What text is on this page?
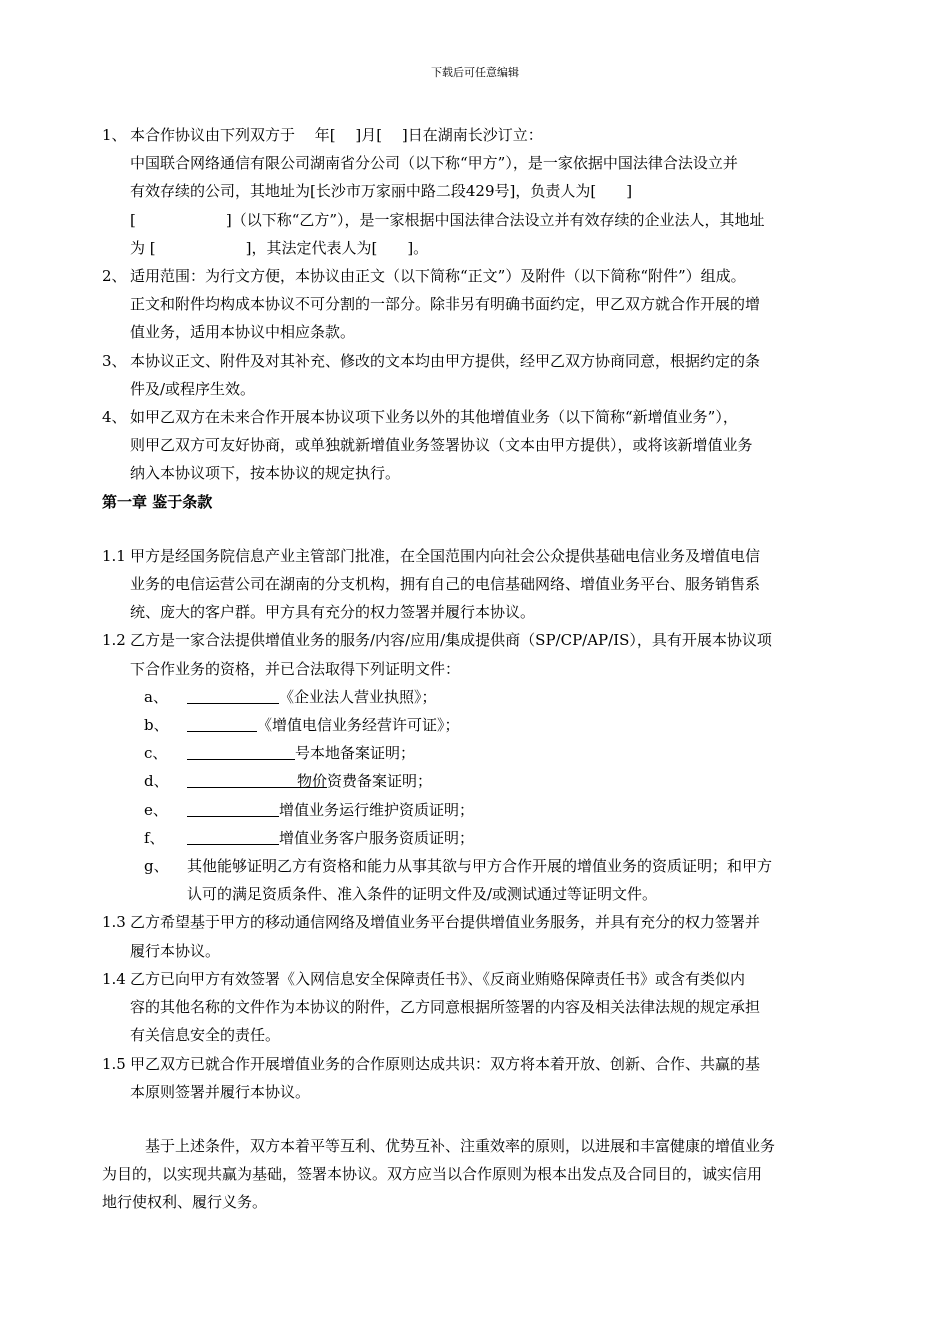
下载后可任意编辑
1、 本合作协议由下列双方于　 年[　 ]月[　 ]日在湖南长沙订立：
中国联合网络通信有限公司湖南省分公司（以下称“甲方”），是一家依据中国法律合法设立并
有效存续的公司，其地址为[长沙市万家丽中路二段429号]，负责人为[　　]
[　　　　　　]（以下称“乙方”），是一家根据中国法律合法设立并有效存续的企业法人，其地址
为 [　　　　　　]，其法定代表人为[　　]。
2、 适用范围：为行文方便，本协议由正文（以下简称“正文”）及附件（以下简称“附件”）组成。
正文和附件均构成本协议不可分割的一部分。除非另有明确书面约定，甲乙双方就合作开展的增
值业务，适用本协议中相应条款。
3、 本协议正文、附件及对其补充、修改的文本均由甲方提供，经甲乙双方协商同意，根据约定的条
件及/或程序生效。
4、 如甲乙双方在未来合作开展本协议项下业务以外的其他增值业务（以下简称“新增值业务”），
则甲乙双方可友好协商，或单独就新增值业务签署协议（文本由甲方提供），或将该新增值业务
纳入本协议项下，按本协议的规定执行。
第一章 鉴于条款
1.1 甲方是经国务院信息产业主管部门批准，在全国范围内向社会公众提供基础电信业务及增值电信
业务的电信运营公司在湖南的分支机构，拥有自己的电信基础网络、增值业务平台、服务销售系
统、庞大的客户群。甲方具有充分的权力签署并履行本协议。
1.2 乙方是一家合法提供增值业务的服务/内容/应用/集成提供商（SP/CP/AP/IS），具有开展本协议项
下合作业务的资格，并已合法取得下列证明文件：
a、	《企业法人营业执照》；
b、	《增值电信业务经营许可证》；
c、	号本地备案证明；
d、	物价资费备案证明；
e、	增值业务运行维护资质证明；
f、	增值业务客户服务资质证明；
g、 其他能够证明乙方有资格和能力从事其欲与甲方合作开展的增值业务的资质证明；和甲方
认可的满足资质条件、准入条件的证明文件及/或测试通过等证明文件。
1.3 乙方希望基于甲方的移动通信网络及增值业务平台提供增值业务服务，并具有充分的权力签署并
履行本协议。
1.4 乙方已向甲方有效签署《入网信息安全保障责任书》、《反商业贿赂保障责任书》或含有类似内
容的其他名称的文件作为本协议的附件，乙方同意根据所签署的内容及相关法律法规的规定承担
有关信息安全的责任。
1.5 甲乙双方已就合作开展增值业务的合作原则达成共识：双方将本着开放、创新、合作、共赢的基
本原则签署并履行本协议。
基于上述条件，双方本着平等互利、优势互补、注重效率的原则，以进展和丰富健康的增值业务
为目的，以实现共赢为基础，签署本协议。双方应当以合作原则为根本出发点及合同目的，诚实信用
地行使权利、履行义务。
